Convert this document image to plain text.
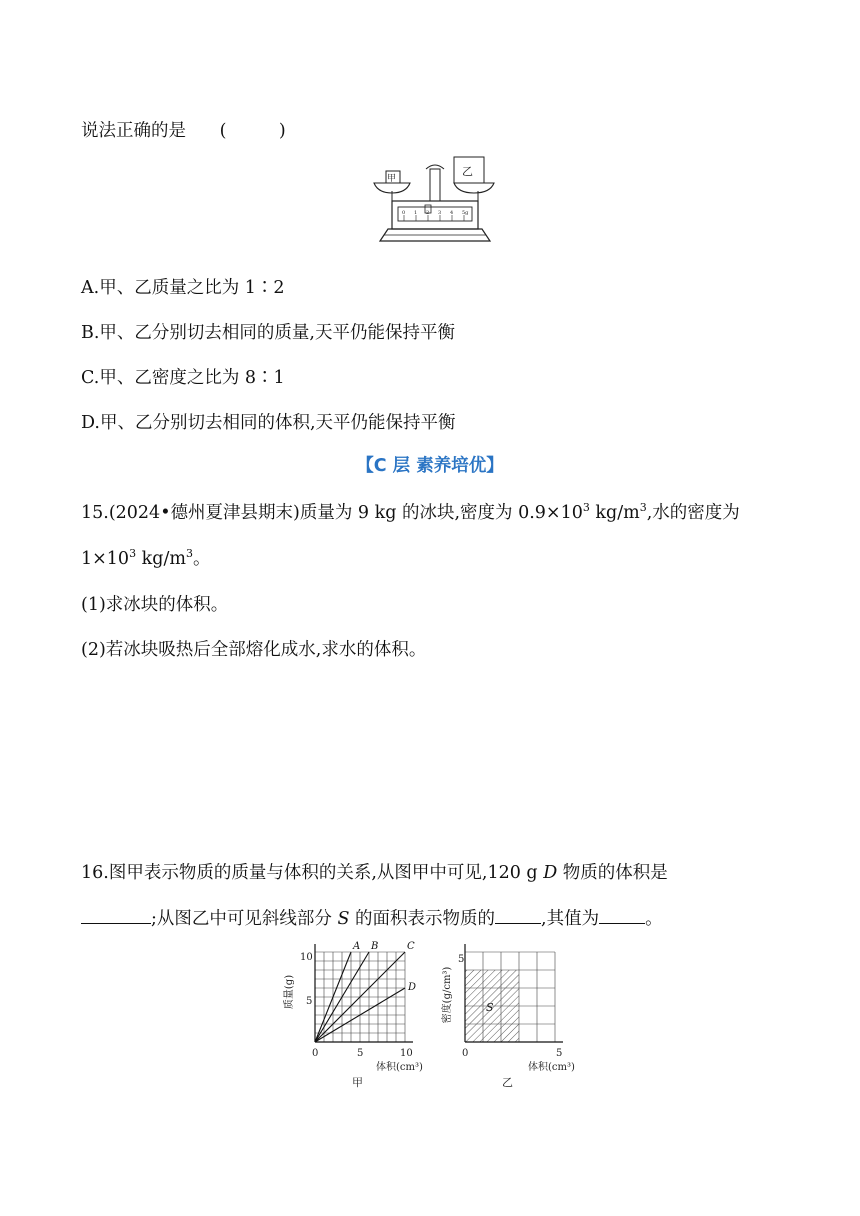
说法正确的是 (　　　)
0 1 2 3 4 5g
甲
乙
A.甲、乙质量之比为 1∶2
B.甲、乙分别切去相同的质量,天平仍能保持平衡
C.甲、乙密度之比为 8∶1
D.甲、乙分别切去相同的体积,天平仍能保持平衡
【C 层 素养培优】
15.(2024•德州夏津县期末)质量为 9 kg 的冰块,密度为 $0.9\times 10^3$ $kg/m^3$,水的密度为
$1\times 10^3$ $kg/m^3$。
(1)求冰块的体积。
(2)若冰块吸热后全部熔化成水,求水的体积。
16.图甲表示物质的质量与体积的关系,从图甲中可见,120 g D 物质的体积是
;从图乙中可见斜线部分 S 的面积表示物质的	,其值为	。
A B	C
D
质量(g)
体积(cm³)
0	5	10
5
10
甲
S
密度(g/cm³)
体积(cm³)
0	5
5
乙
